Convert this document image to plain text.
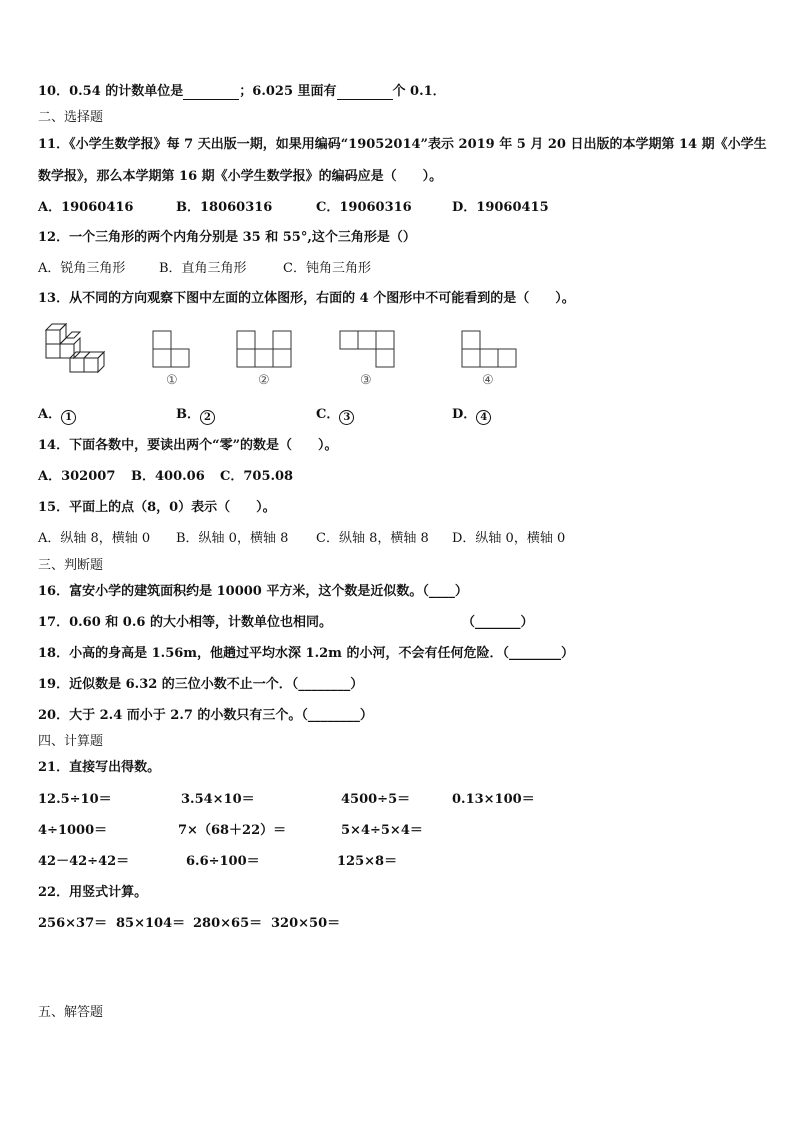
10．0.54 的计数单位是	；6.025 里面有	个 0.1．
二、选择题
11．《小学生数学报》每 7 天出版一期，如果用编码“19052014”表示 2019 年 5 月 20 日出版的本学期第 14 期《小学生
数学报》，那么本学期第 16 期《小学生数学报》的编码应是（　　）。
A．19060416	B．18060316	C．19060316	D．19060415
12．一个三角形的两个内角分别是 35 和 55°,这个三角形是（）
A．锐角三角形	B．直角三角形	C．钝角三角形
13．从不同的方向观察下图中左面的立体图形，右面的 4 个图形中不可能看到的是（　　）。
①	②	③	④
A． 1	B． 2	C． 3	D． 4
14．下面各数中，要读出两个“零”的数是（　　）。
A．302007 B．400.06 C．705.08
15．平面上的点（8，0）表示（　　）。
A．纵轴 8，横轴 0 B．纵轴 0，横轴 8 C．纵轴 8，横轴 8 D．纵轴 0，横轴 0
三、判断题
16．富安小学的建筑面积约是 10000 平方米，这个数是近似数。（____）
17．0.60 和 0.6 的大小相等，计数单位也相同。	（_______）
18．小高的身高是 1.56m，他趟过平均水深 1.2m 的小河，不会有任何危险．（________）
19．近似数是 6.32 的三位小数不止一个．（________）
20．大于 2.4 而小于 2.7 的小数只有三个。（________）
四、计算题
21．直接写出得数。
12.5÷10＝	3.54×10＝	4500÷5＝	0.13×100＝
4÷1000＝	7×（68＋22）＝	5×4÷5×4＝
42－42÷42＝	6.6÷100＝	125×8＝
22．用竖式计算。
256×37＝ 85×104＝ 280×65＝ 320×50＝
五、解答题
